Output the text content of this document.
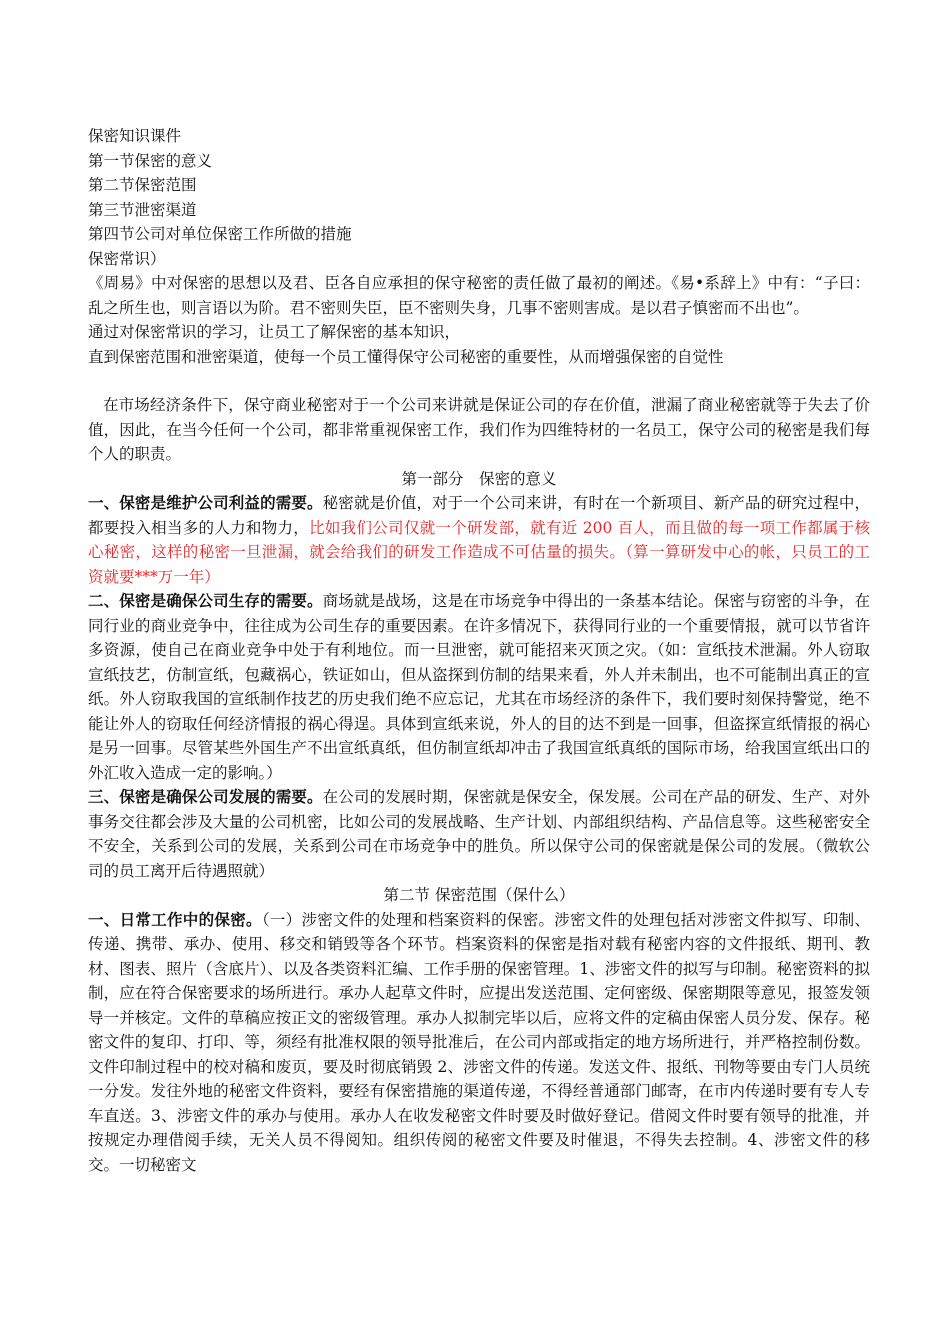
保密知识课件
第一节保密的意义
第二节保密范围
第三节泄密渠道
第四节公司对单位保密工作所做的措施
保密常识）
《周易》中对保密的思想以及君、臣各自应承担的保守秘密的责任做了最初的阐述。《易•系辞上》中有：“子曰：乱之所生也，则言语以为阶。君不密则失臣，臣不密则失身，几事不密则害成。是以君子慎密而不出也”。
通过对保密常识的学习，让员工了解保密的基本知识，
直到保密范围和泄密渠道，使每一个员工懂得保守公司秘密的重要性，从而增强保密的自觉性
在市场经济条件下，保守商业秘密对于一个公司来讲就是保证公司的存在价值，泄漏了商业秘密就等于失去了价值，因此，在当今任何一个公司，都非常重视保密工作，我们作为四维特材的一名员工，保守公司的秘密是我们每个人的职责。
第一部分　保密的意义
一、保密是维护公司利益的需要。秘密就是价值，对于一个公司来讲，有时在一个新项目、新产品的研究过程中，都要投入相当多的人力和物力，比如我们公司仅就一个研发部，就有近 200 百人，而且做的每一项工作都属于核心秘密，这样的秘密一旦泄漏，就会给我们的研发工作造成不可估量的损失。（算一算研发中心的帐，只员工的工资就要***万一年）
二、保密是确保公司生存的需要。商场就是战场，这是在市场竞争中得出的一条基本结论。保密与窃密的斗争，在同行业的商业竞争中，往往成为公司生存的重要因素。在许多情况下，获得同行业的一个重要情报，就可以节省许多资源，使自己在商业竞争中处于有利地位。而一旦泄密，就可能招来灭顶之灾。（如：宣纸技术泄漏。外人窃取宣纸技艺，仿制宣纸，包藏祸心，铁证如山，但从盗探到仿制的结果来看，外人并未制出，也不可能制出真正的宣纸。外人窃取我国的宣纸制作技艺的历史我们绝不应忘记，尤其在市场经济的条件下，我们要时刻保持警觉，绝不能让外人的窃取任何经济情报的祸心得逞。具体到宣纸来说，外人的目的达不到是一回事，但盗探宣纸情报的祸心是另一回事。尽管某些外国生产不出宣纸真纸，但仿制宣纸却冲击了我国宣纸真纸的国际市场，给我国宣纸出口的外汇收入造成一定的影响。）
三、保密是确保公司发展的需要。在公司的发展时期，保密就是保安全，保发展。公司在产品的研发、生产、对外事务交往都会涉及大量的公司机密，比如公司的发展战略、生产计划、内部组织结构、产品信息等。这些秘密安全不安全，关系到公司的发展，关系到公司在市场竞争中的胜负。所以保守公司的保密就是保公司的发展。（微软公司的员工离开后待遇照就）
第二节 保密范围（保什么）
一、日常工作中的保密。（一）涉密文件的处理和档案资料的保密。涉密文件的处理包括对涉密文件拟写、印制、传递、携带、承办、使用、移交和销毁等各个环节。档案资料的保密是指对载有秘密内容的文件报纸、期刊、教材、图表、照片（含底片）、以及各类资料汇编、工作手册的保密管理。1、涉密文件的拟写与印制。秘密资料的拟制，应在符合保密要求的场所进行。承办人起草文件时，应提出发送范围、定何密级、保密期限等意见，报签发领导一并核定。文件的草稿应按正文的密级管理。承办人拟制完毕以后，应将文件的定稿由保密人员分发、保存。秘密文件的复印、打印、等，须经有批准权限的领导批准后，在公司内部或指定的地方场所进行，并严格控制份数。文件印制过程中的校对稿和废页，要及时彻底销毁 2、涉密文件的传递。发送文件、报纸、刊物等要由专门人员统一分发。发往外地的秘密文件资料，要经有保密措施的渠道传递，不得经普通部门邮寄，在市内传递时要有专人专车直送。3、涉密文件的承办与使用。承办人在收发秘密文件时要及时做好登记。借阅文件时要有领导的批准，并按规定办理借阅手续，无关人员不得阅知。组织传阅的秘密文件要及时催退，不得失去控制。4、涉密文件的移交。一切秘密文
